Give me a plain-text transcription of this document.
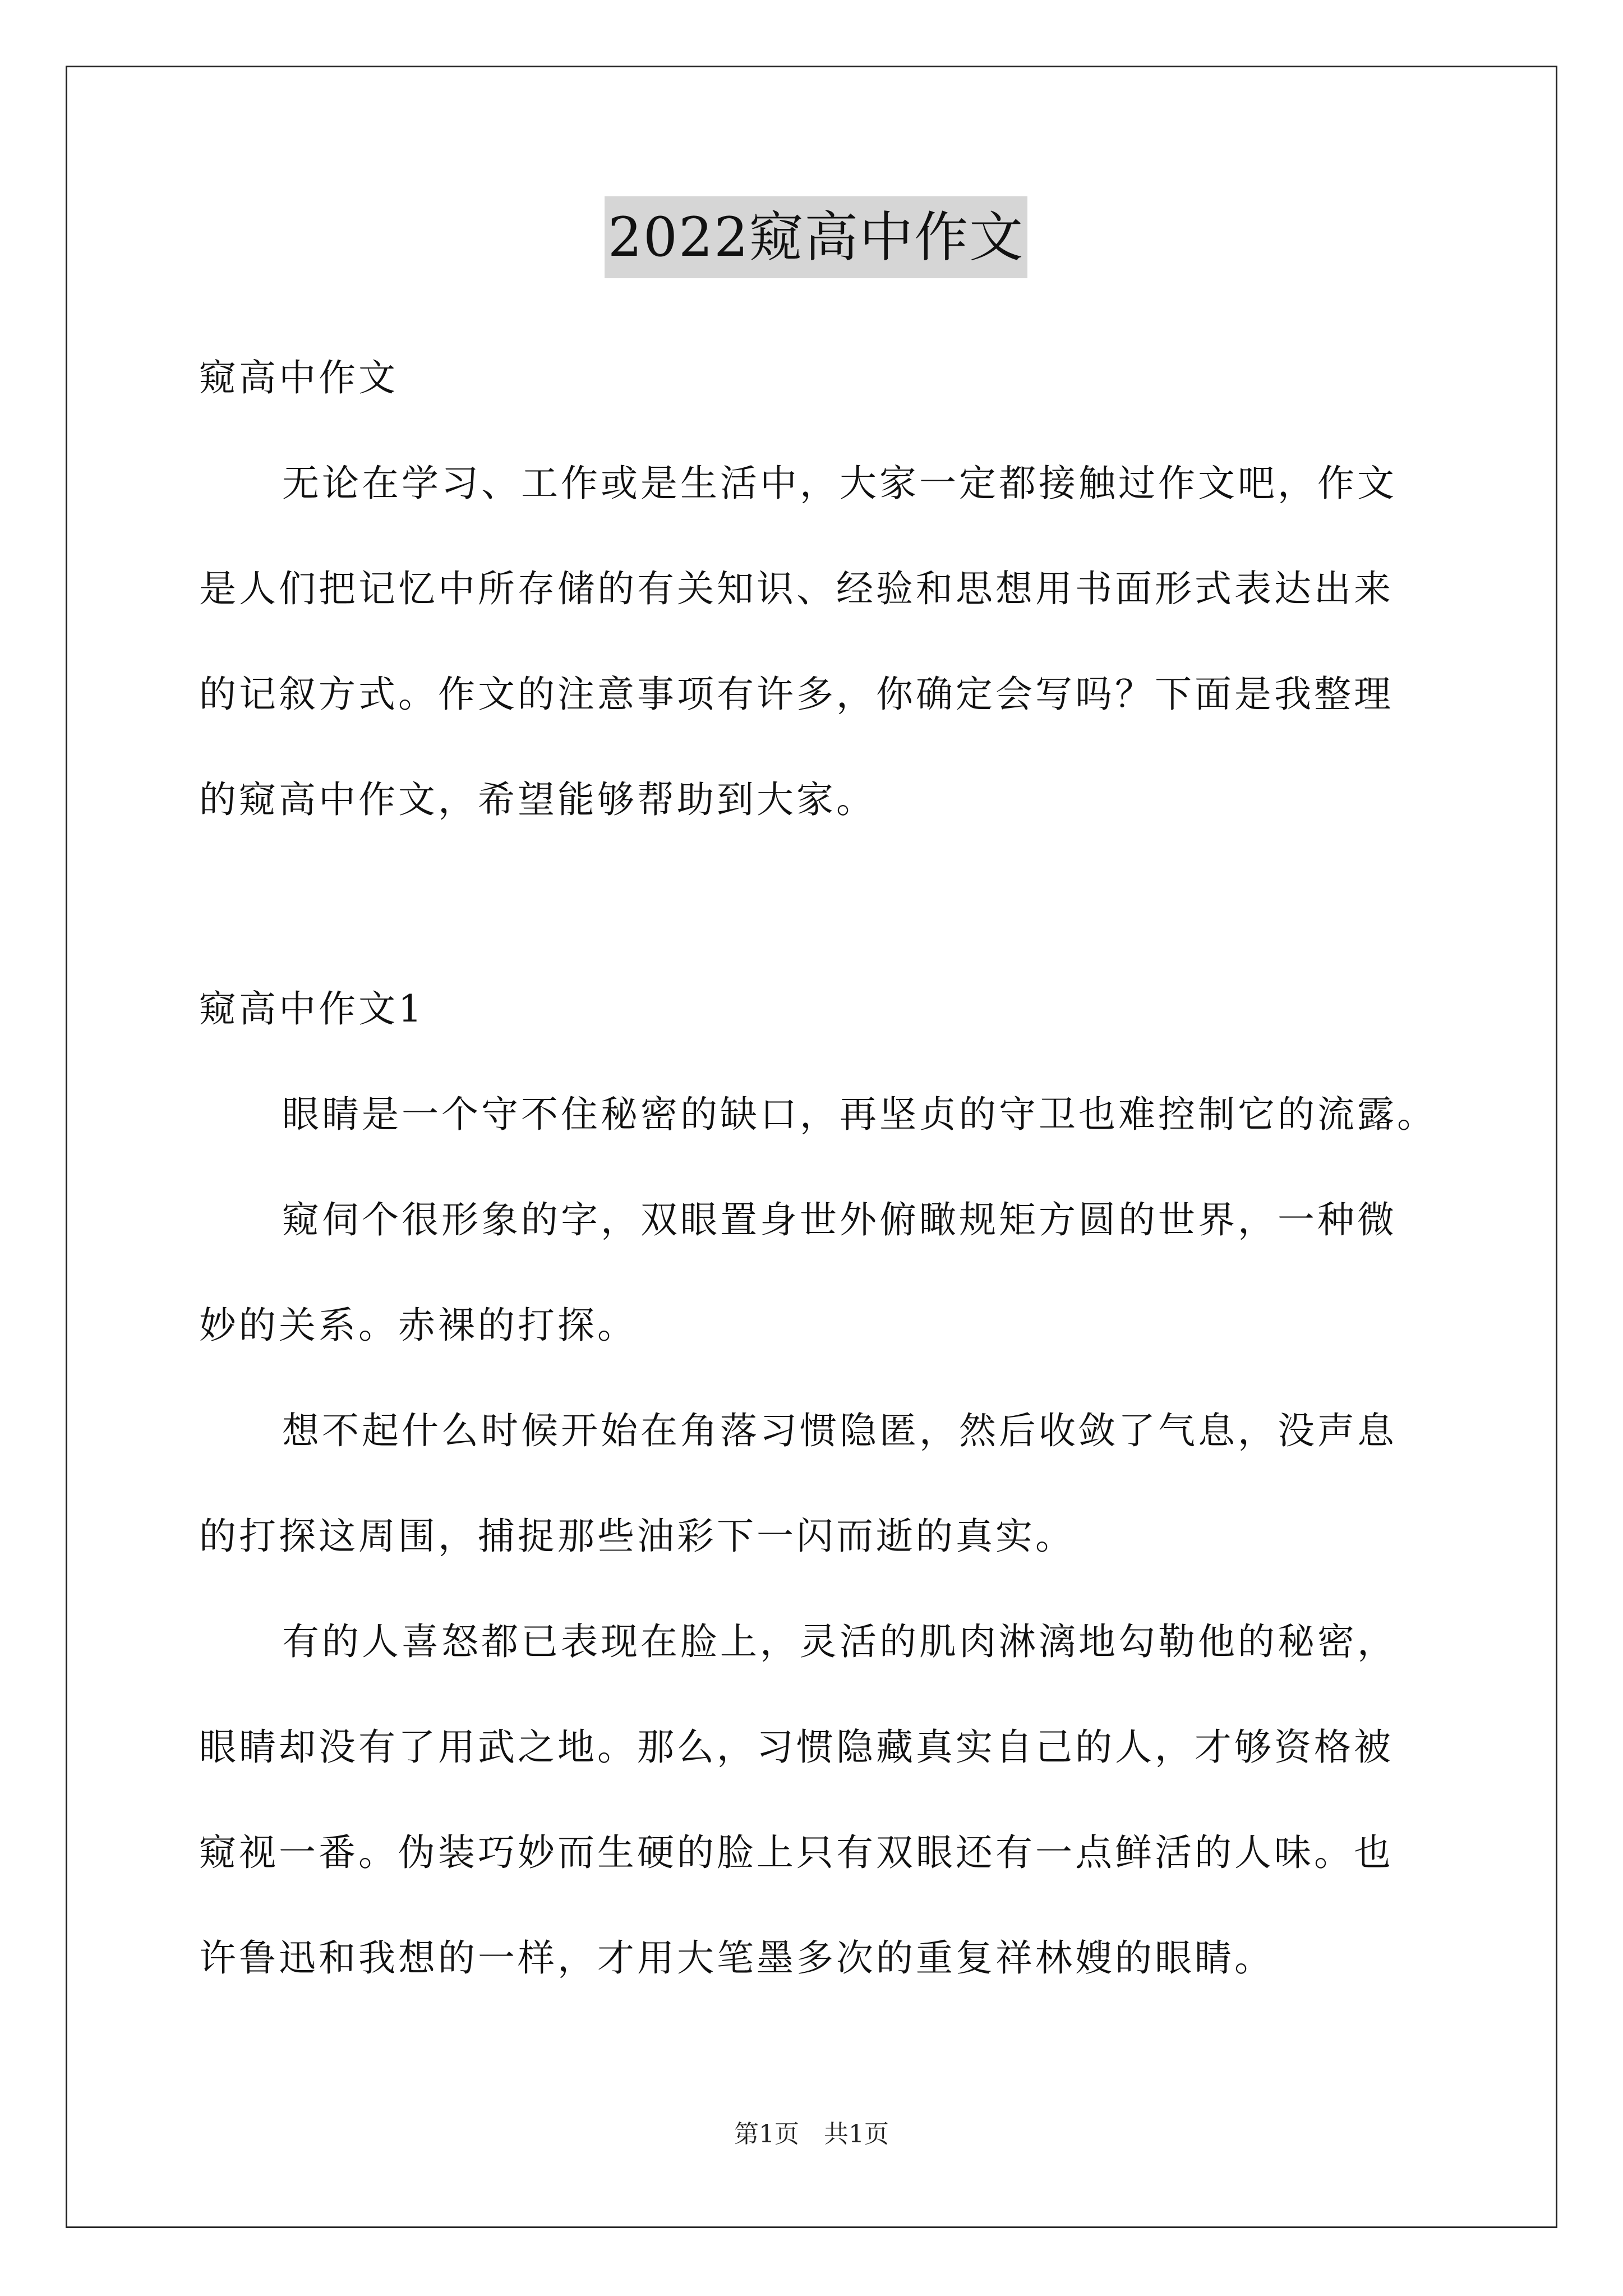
2022窥高中作文

窥高中作文

无论在学习、工作或是生活中，大家一定都接触过作文吧，作文

是人们把记忆中所存储的有关知识、经验和思想用书面形式表达出来

的记叙方式。作文的注意事项有许多，你确定会写吗？下面是我整理

的窥高中作文，希望能够帮助到大家。

窥高中作文1

眼睛是一个守不住秘密的缺口，再坚贞的守卫也难控制它的流露。

窥伺个很形象的字，双眼置身世外俯瞰规矩方圆的世界，一种微

妙的关系。赤裸的打探。

想不起什么时候开始在角落习惯隐匿，然后收敛了气息，没声息

的打探这周围，捕捉那些油彩下一闪而逝的真实。

有的人喜怒都已表现在脸上，灵活的肌肉淋漓地勾勒他的秘密，

眼睛却没有了用武之地。那么，习惯隐藏真实自己的人，才够资格被

窥视一番。伪装巧妙而生硬的脸上只有双眼还有一点鲜活的人味。也

许鲁迅和我想的一样，才用大笔墨多次的重复祥林嫂的眼睛。

第1页　共1页
